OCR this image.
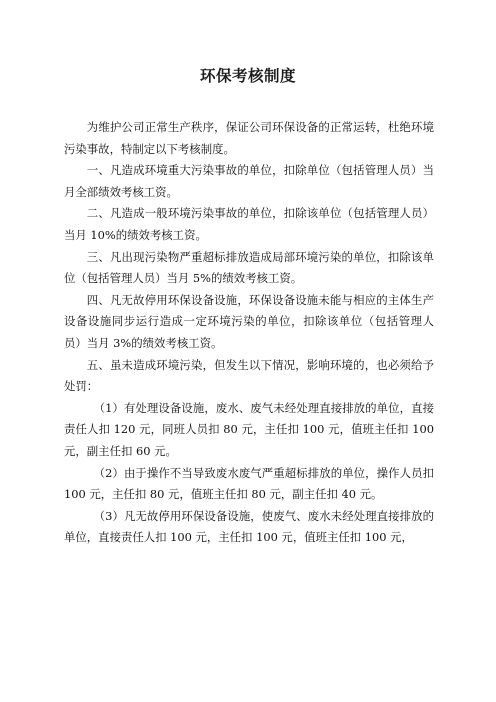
环保考核制度

为维护公司正常生产秩序，保证公司环保设备的正常运转，杜绝环境污染事故，特制定以下考核制度。

一、凡造成环境重大污染事故的单位，扣除单位（包括管理人员）当月全部绩效考核工资。

二、凡造成一般环境污染事故的单位，扣除该单位（包括管理人员）当月 10%的绩效考核工资。

三、凡出现污染物严重超标排放造成局部环境污染的单位，扣除该单位（包括管理人员）当月 5%的绩效考核工资。

四、凡无故停用环保设备设施，环保设备设施未能与相应的主体生产设备设施同步运行造成一定环境污染的单位，扣除该单位（包括管理人员）当月 3%的绩效考核工资。

五、虽未造成环境污染，但发生以下情况，影响环境的，也必须给予处罚：

（1）有处理设备设施，废水、废气未经处理直接排放的单位，直接责任人扣 120 元，同班人员扣 80 元，主任扣 100 元，值班主任扣 100 元，副主任扣 60 元。

（2）由于操作不当导致废水废气严重超标排放的单位，操作人员扣 100 元，主任扣 80 元，值班主任扣 80 元，副主任扣 40 元。

（3）凡无故停用环保设备设施，使废气、废水未经处理直接排放的单位，直接责任人扣 100 元，主任扣 100 元，值班主任扣 100 元，
